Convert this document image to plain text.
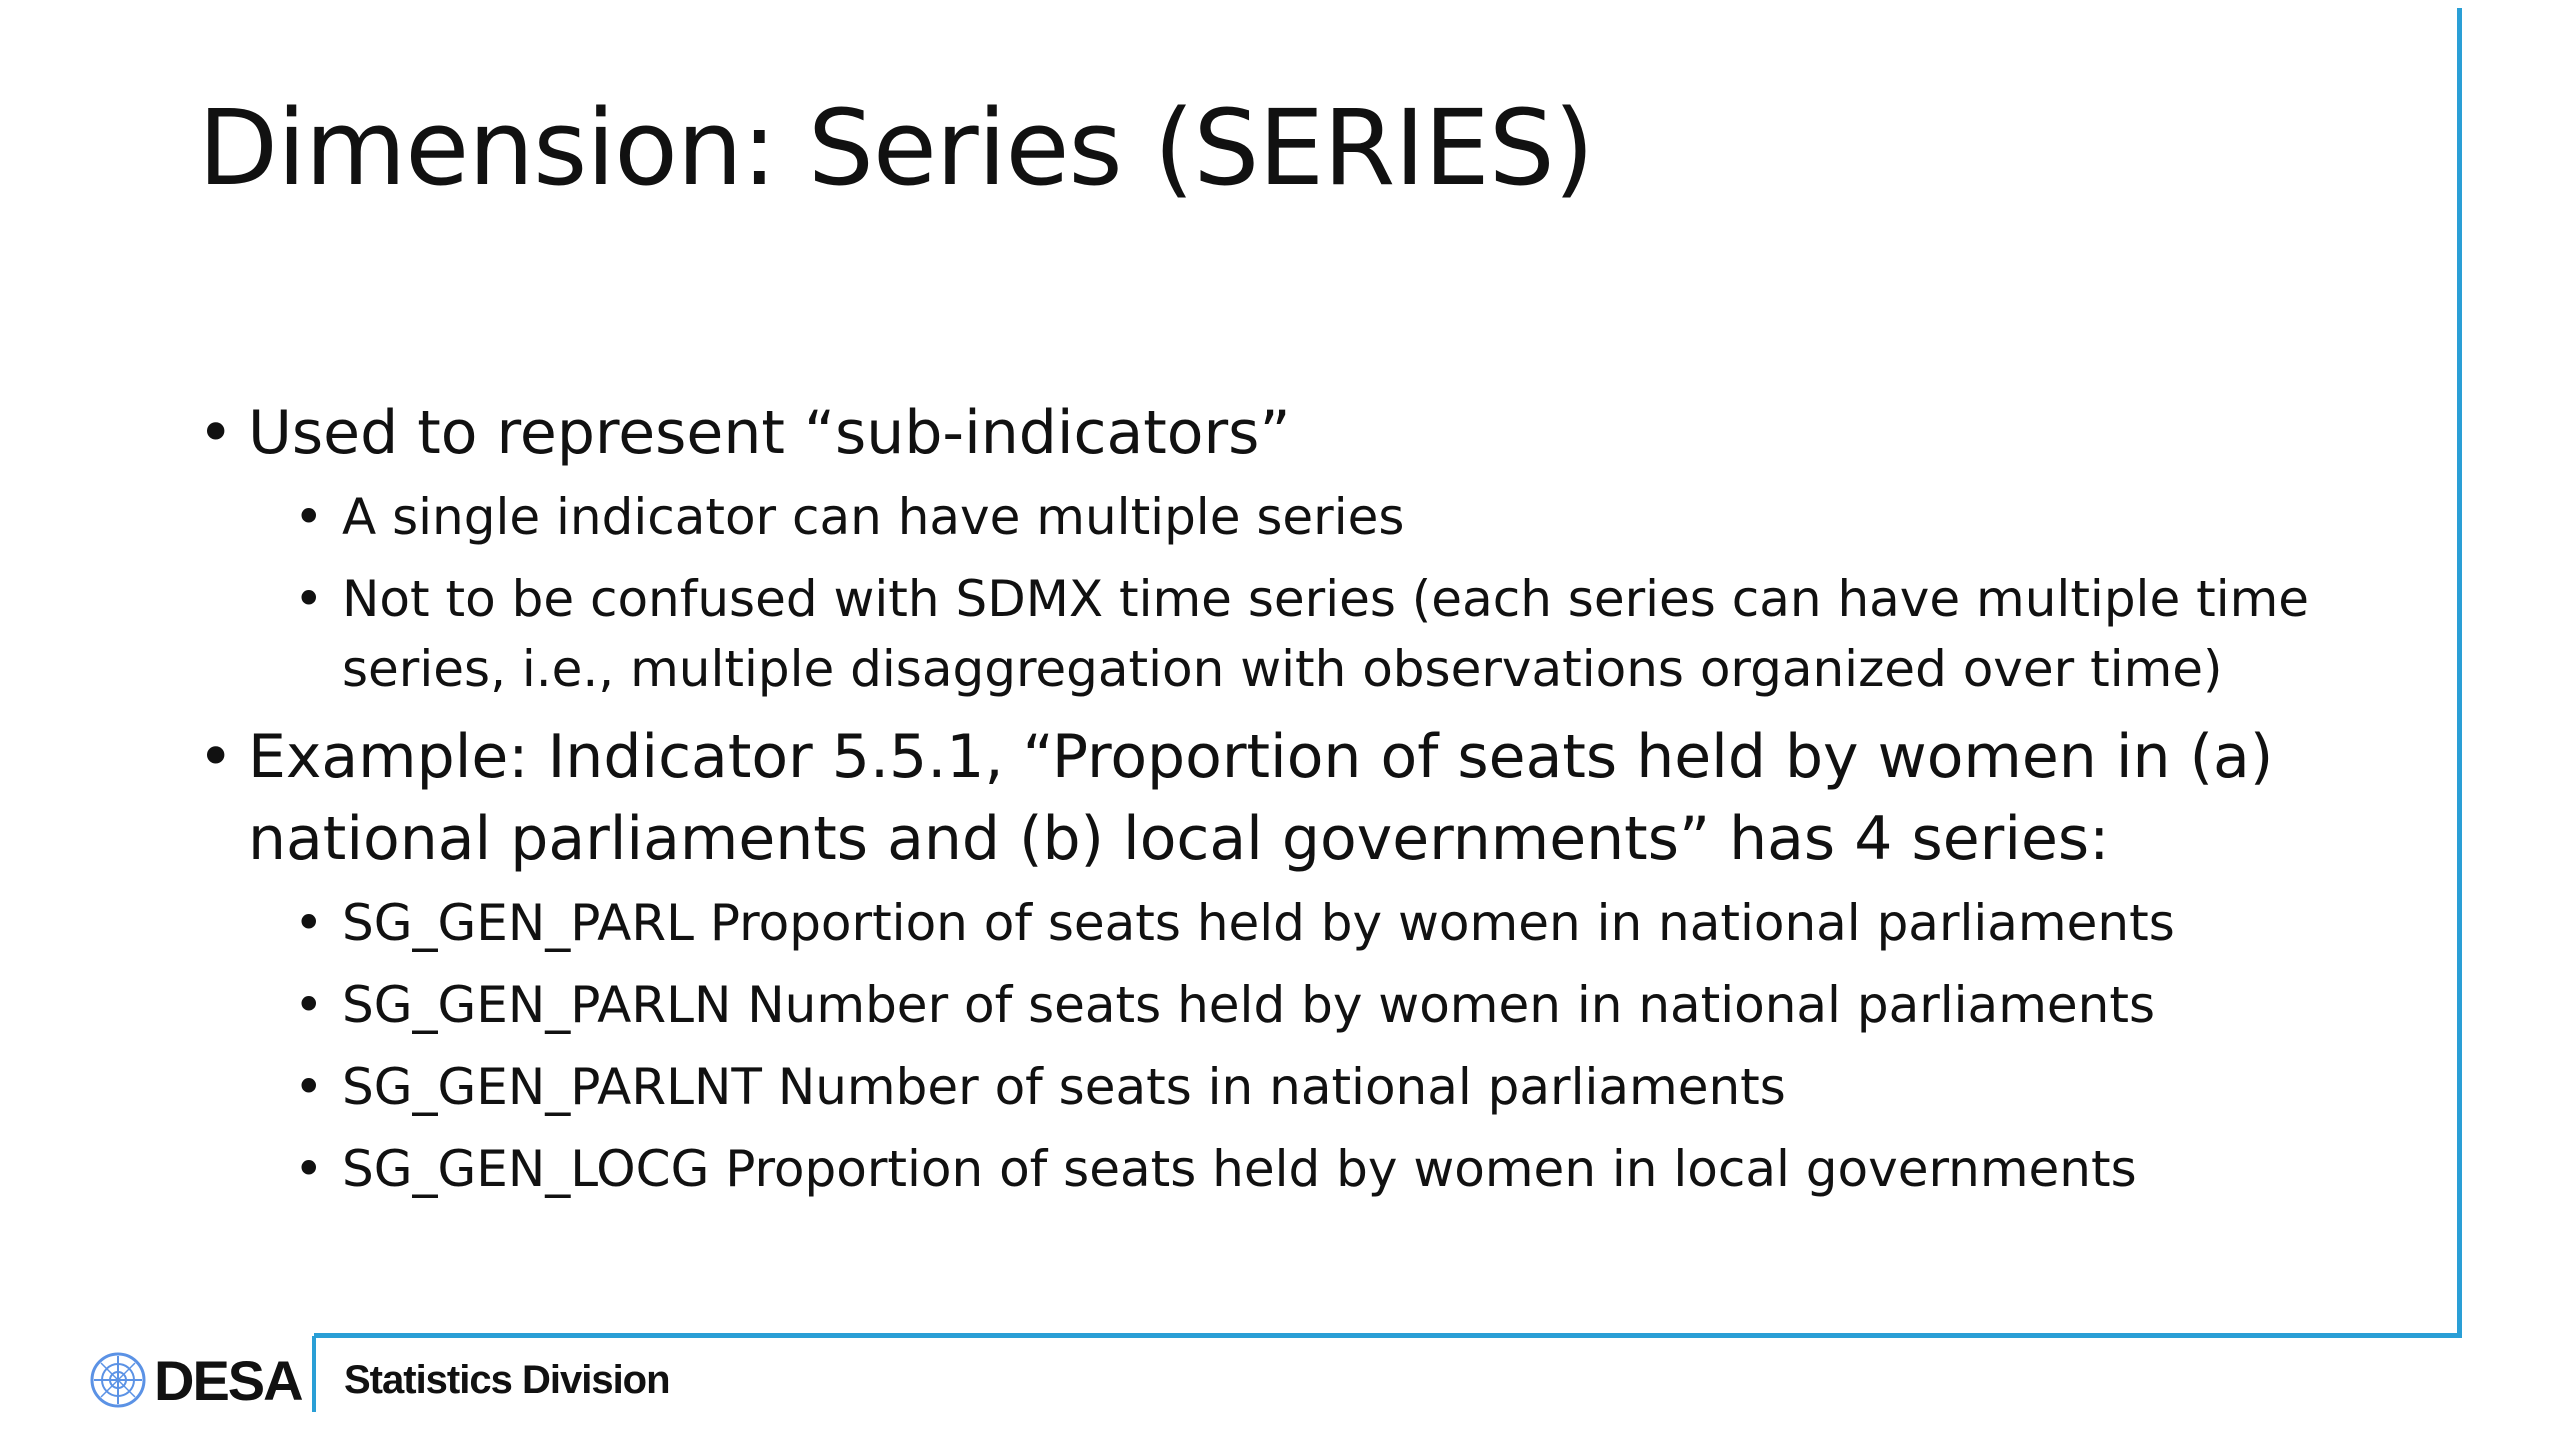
Dimension: Series (SERIES)
• Used to represent “sub-indicators”
• A single indicator can have multiple series
• Not to be confused with SDMX time series (each series can have multiple time series, i.e., multiple disaggregation with observations organized over time)
• Example: Indicator 5.5.1, “Proportion of seats held by women in (a) national parliaments and (b) local governments” has 4 series:
• SG_GEN_PARL Proportion of seats held by women in national parliaments
• SG_GEN_PARLN Number of seats held by women in national parliaments
• SG_GEN_PARLNT Number of seats in national parliaments
• SG_GEN_LOCG Proportion of seats held by women in local governments
DESA Statistics Division
